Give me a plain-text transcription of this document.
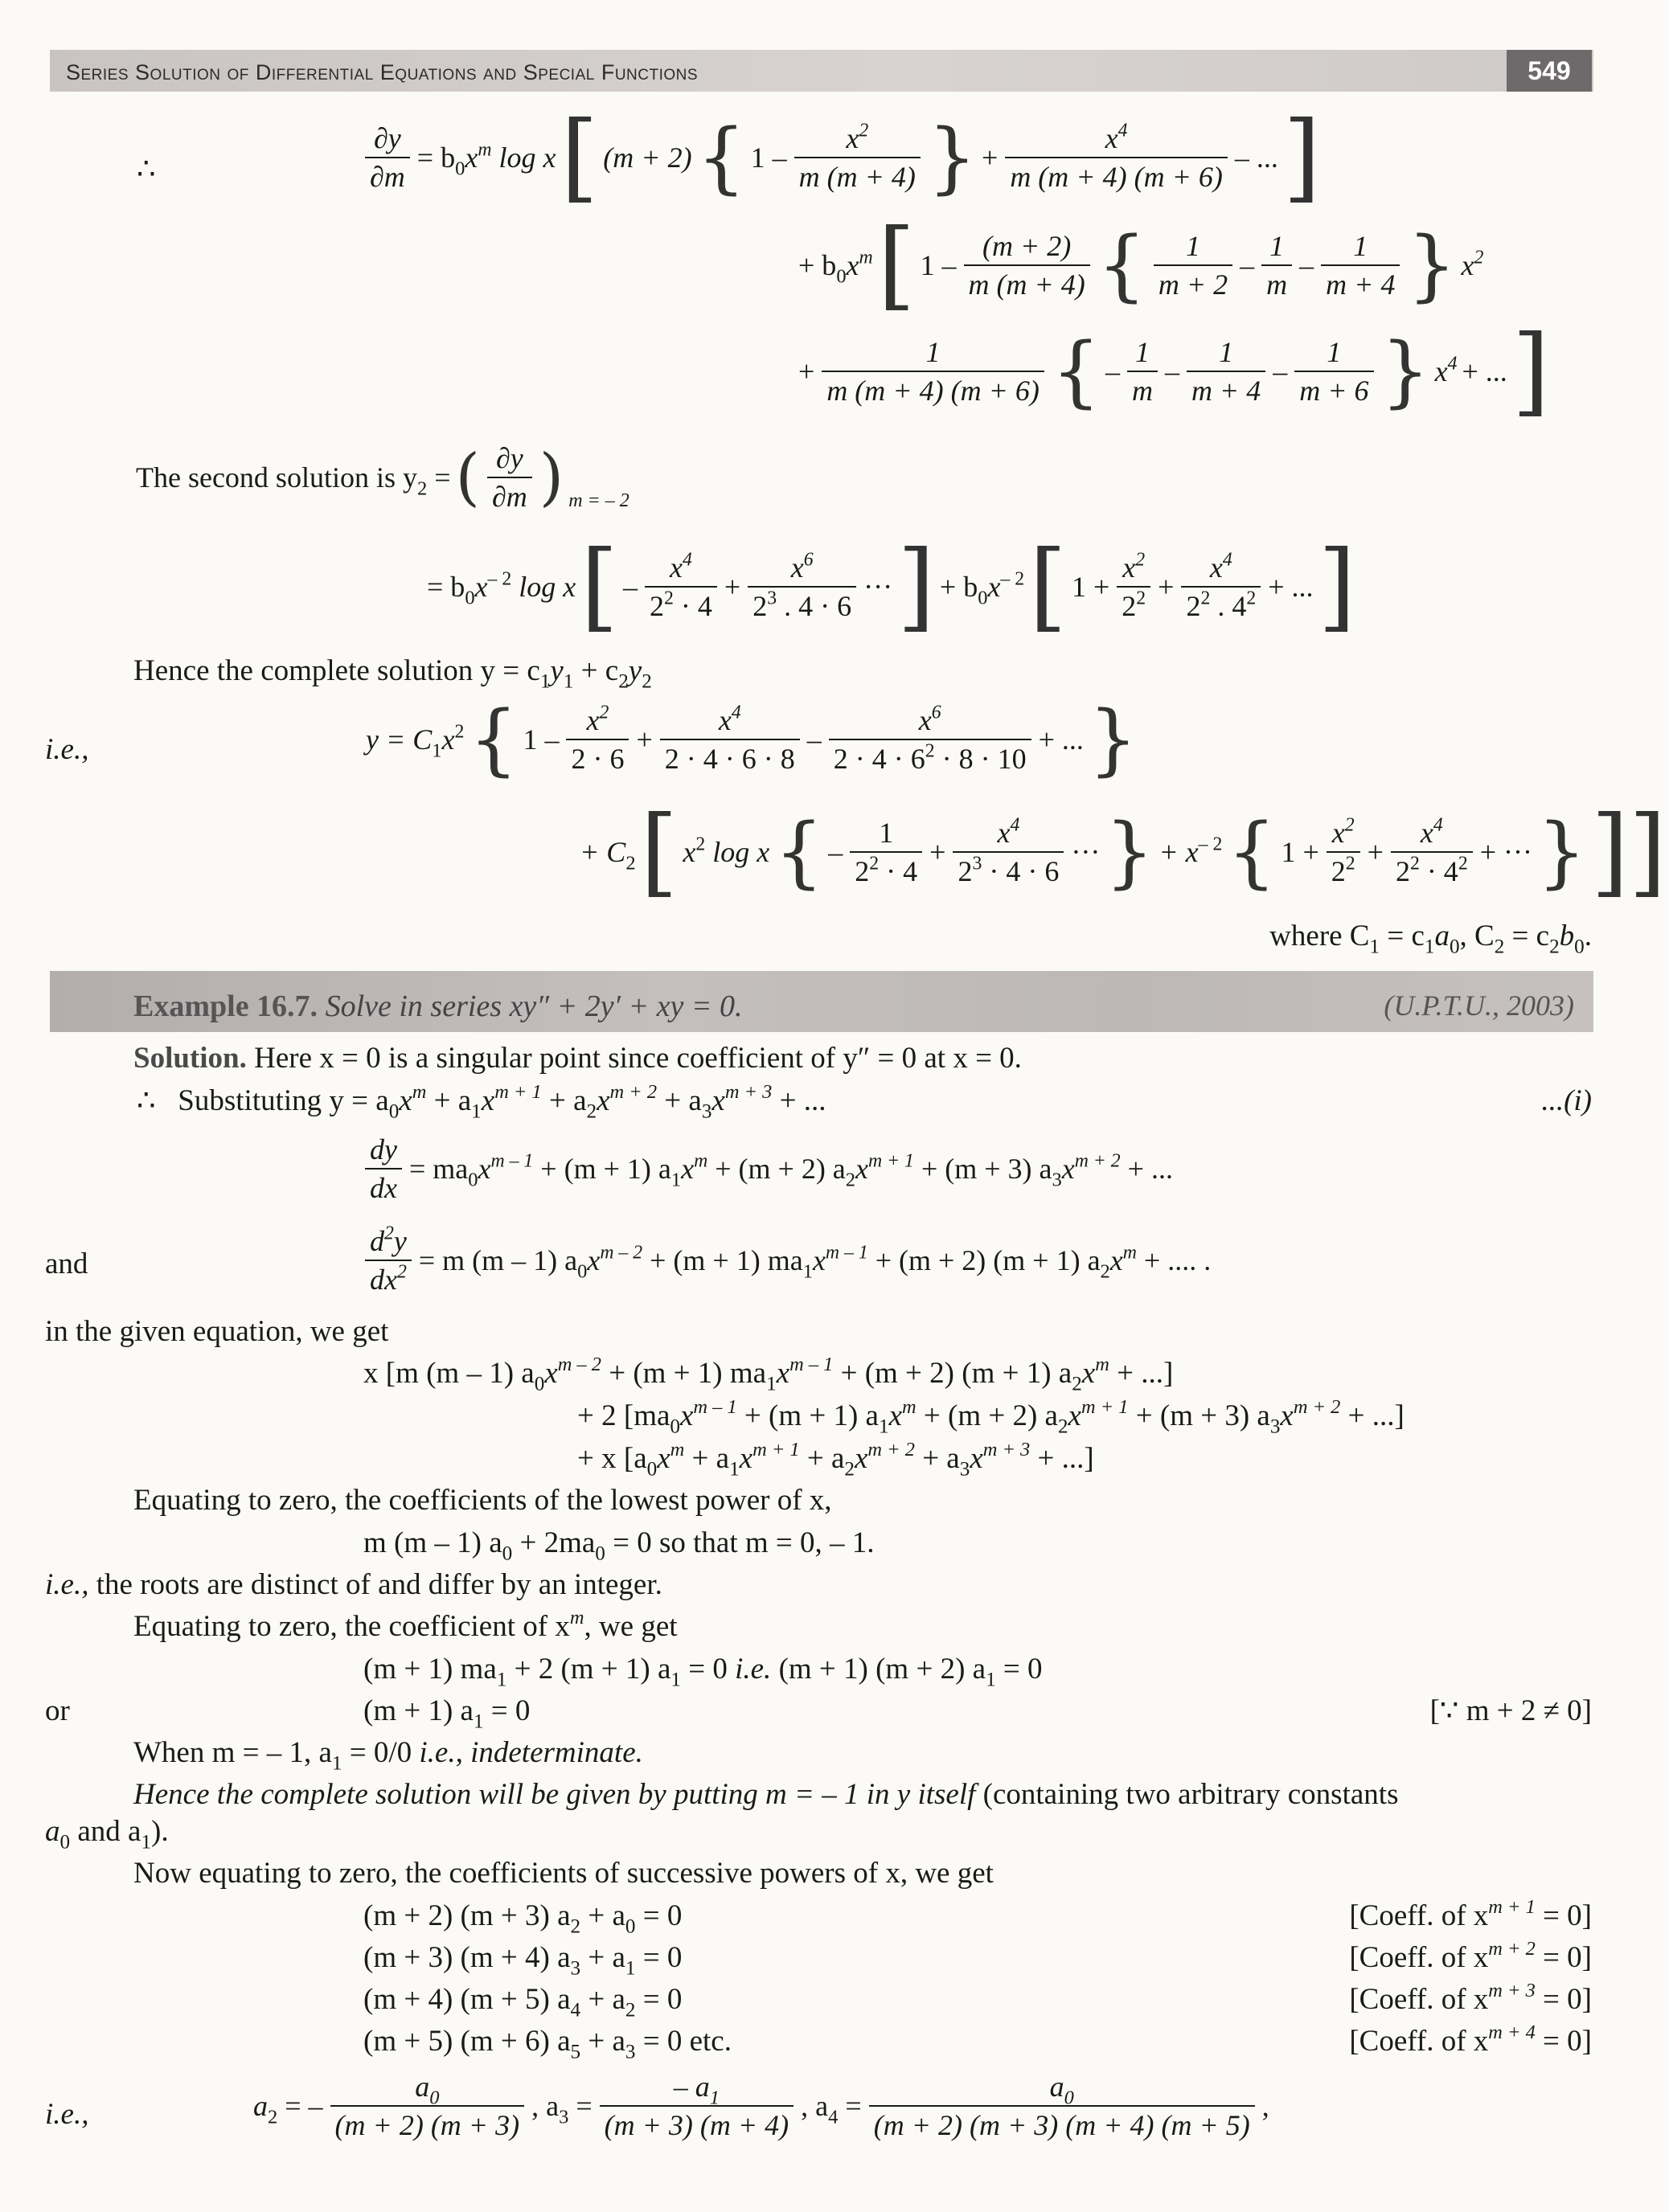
Series Solution of Differential Equations and Special Functions	549
∴	$\frac{\partial y}{\partial m} = b_0x^m$ log x [ (m + 2) { 1 –
$x^2$
m (m + 4) } + $\frac{x^4}{m (m + 4) (m + 6)}$ – ... ]
+ $b_0x^m$ [ 1 –
(m + 2)
m (m + 4) { 1
m + 2
–
1
m
–
1
m + 4 } $x^2$
+ $\frac{1}{m (m + 4) (m + 6)}$ { –
1
m
–
1
m + 4
–
1
m + 6 } $x^4$ + ... ]
The second solution is $y_2$ = ( ∂y
∂m ) m = – 2
= $b_0x^{- 2}$ log x [ –
$x^4$
$2^2 \cdot 4$
+ $\frac{x^6}{2^3 . 4 \cdot 6}$ ··· ] + $b_0x^{- 2}$ [ $1 + \frac{x^2}{2^2} + \frac{x^4}{2^2 . 4^2}$ + ... ]
Hence the complete solution $y = c_1y_1 + c_2y_2$
i.e.,	$y = C_1x^2$ { 1 –
$x^2$
2 · 6
+ $\frac{x^4}{2 \cdot 4 \cdot 6 \cdot 8}$ –
$x^6$
$2 \cdot 4 \cdot 6^2 \cdot 8 \cdot 10$
+ ... }
+ $C_2$ [ $x^2$ log x { –
1
$2^2 \cdot 4$
+ $\frac{x^4}{2^3 \cdot 4 \cdot 6}$ ··· } + $x^{- 2}$ { $1 + \frac{x^2}{2^2} + \frac{x^4}{2^2 \cdot 4^2}$ + ··· } ]]
where $C_1 = c_1a_0$, $C_2 = c_2b_0$.
Example 16.7. Solve in series xy″ + 2y′ + xy = 0.	(U.P.T.U., 2003)
Solution. Here x = 0 is a singular point since coefficient of y″ = 0 at x = 0.
∴ Substituting $y = a_0x^m + a_1x^{m + 1} + a_2x^{m + 2} + a_3x^{m + 3}$ + ...	...(i)
$\frac{dy}{dx} = ma_0x^{m - 1} + (m + 1) a_1x^m + (m + 2) a_2x^{m + 1} + (m + 3) a_3x^{m + 2}$ + ...
and	$\frac{d^2y}{dx^2} = m$ (m – 1) $a_0x^{m - 2} + (m + 1) ma_1x^{m - 1} + (m + 2) (m + 1) a_2x^m$ + .... .
in the given equation, we get
x [m (m – 1) $a_0x^{m - 2} + (m + 1) ma_1x^{m - 1} + (m + 2) (m + 1) a_2x^m$ + ...]
+ 2 [$ma_0x^{m - 1} + (m + 1) a_1x^m + (m + 2) a_2x^{m + 1} + (m + 3) a_3x^{m + 2}$ + ...]
+ x [$a_0x^m + a_1x^{m + 1} + a_2x^{m + 2} + a_3x^{m + 3}$ + ...]
Equating to zero, the coefficients of the lowest power of x,
m (m – 1) $a_0 + 2ma_0 = 0$ so that m = 0, – 1.
i.e., the roots are distinct of and differ by an integer.
Equating to zero, the coefficient of $x^m$, we get
(m + 1) $ma_1 + 2$ (m + 1) $a_1 = 0$ i.e. (m + 1) (m + 2) $a_1 = 0$
or	(m + 1) $a_1 = 0$	[∵ m + 2 ≠ 0]
When m = – 1, $a_1 = 0/0$ i.e., indeterminate.
Hence the complete solution will be given by putting m = – 1 in y itself (containing two arbitrary constants
$a_0$ and $a_1$).
Now equating to zero, the coefficients of successive powers of x, we get
(m + 2) (m + 3) $a_2 + a_0 = 0$	[Coeff. of $x^{m + 1} = 0$]
(m + 3) (m + 4) $a_3 + a_1 = 0$	[Coeff. of $x^{m + 2} = 0$]
(m + 4) (m + 5) $a_4 + a_2 = 0$	[Coeff. of $x^{m + 3} = 0$]
(m + 5) (m + 6) $a_5 + a_3 = 0$ etc.	[Coeff. of $x^{m + 4} = 0$]
i.e.,	$a_2$ = –
$a_0$
(m + 2) (m + 3)
, $a_3 = \frac{- a_1}{(m + 3) (m + 4)}$ , $a_4 = \frac{a_0}{(m + 2) (m + 3) (m + 4) (m + 5)}$ ,
